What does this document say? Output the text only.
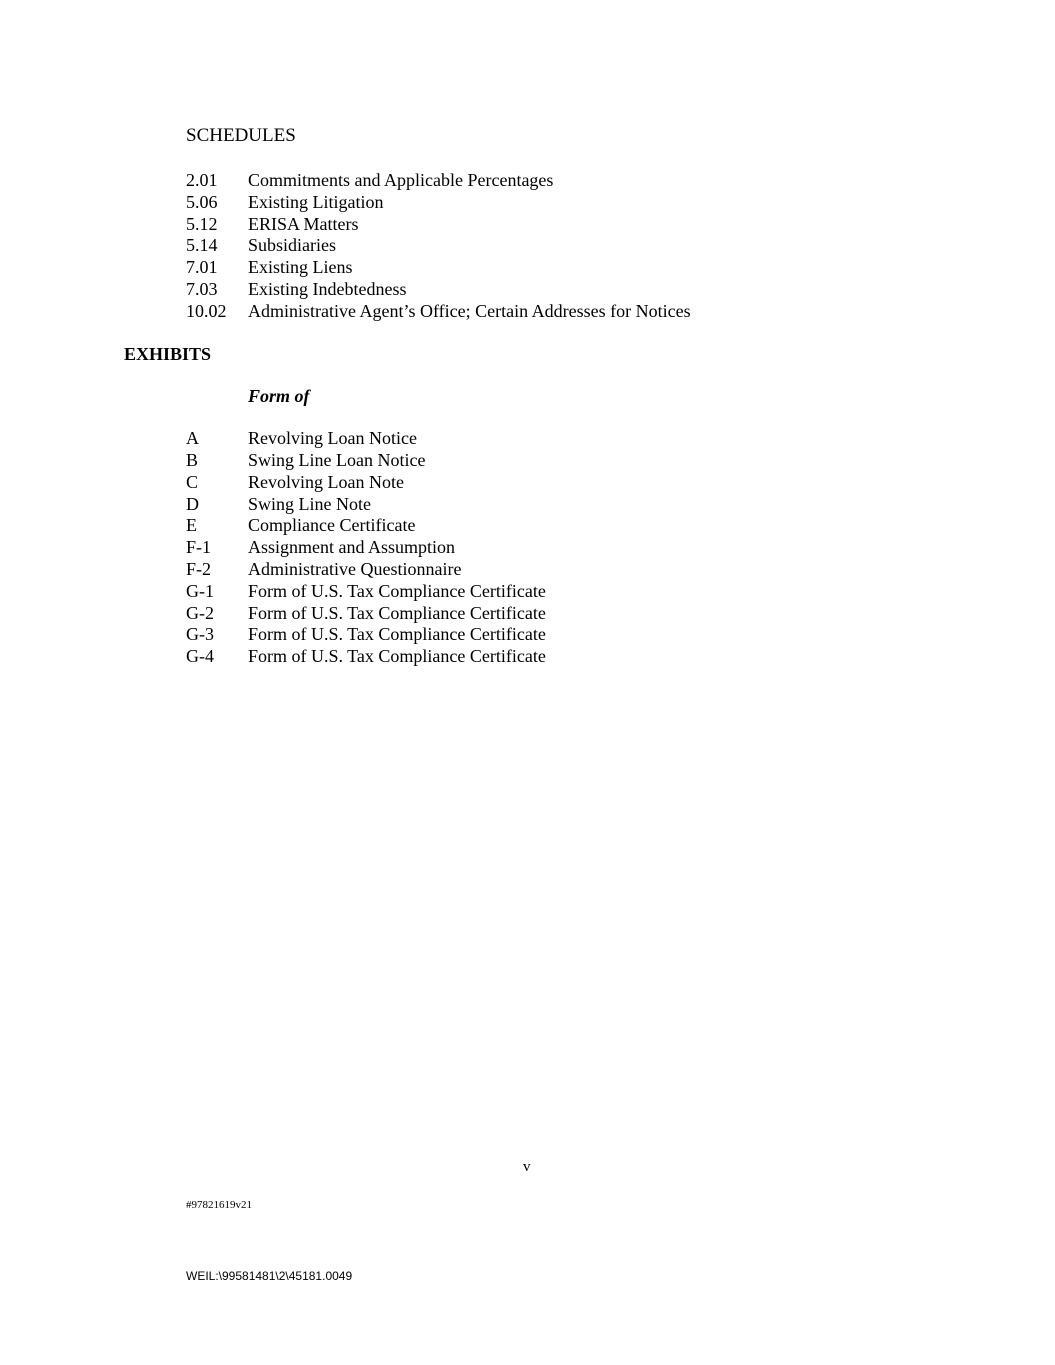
SCHEDULES
2.01 Commitments and Applicable Percentages
5.06 Existing Litigation
5.12 ERISA Matters
5.14 Subsidiaries
7.01 Existing Liens
7.03 Existing Indebtedness
10.02 Administrative Agent’s Office; Certain Addresses for Notices
EXHIBITS
Form of
A	Revolving Loan Notice
B	Swing Line Loan Notice
C	Revolving Loan Note
D	Swing Line Note
E	Compliance Certificate
F-1 Assignment and Assumption
F-2 Administrative Questionnaire
G-1 Form of U.S. Tax Compliance Certificate
G-2 Form of U.S. Tax Compliance Certificate
G-3 Form of U.S. Tax Compliance Certificate
G-4 Form of U.S. Tax Compliance Certificate
v
#97821619v21
WEIL:\99581481\2\45181.0049
